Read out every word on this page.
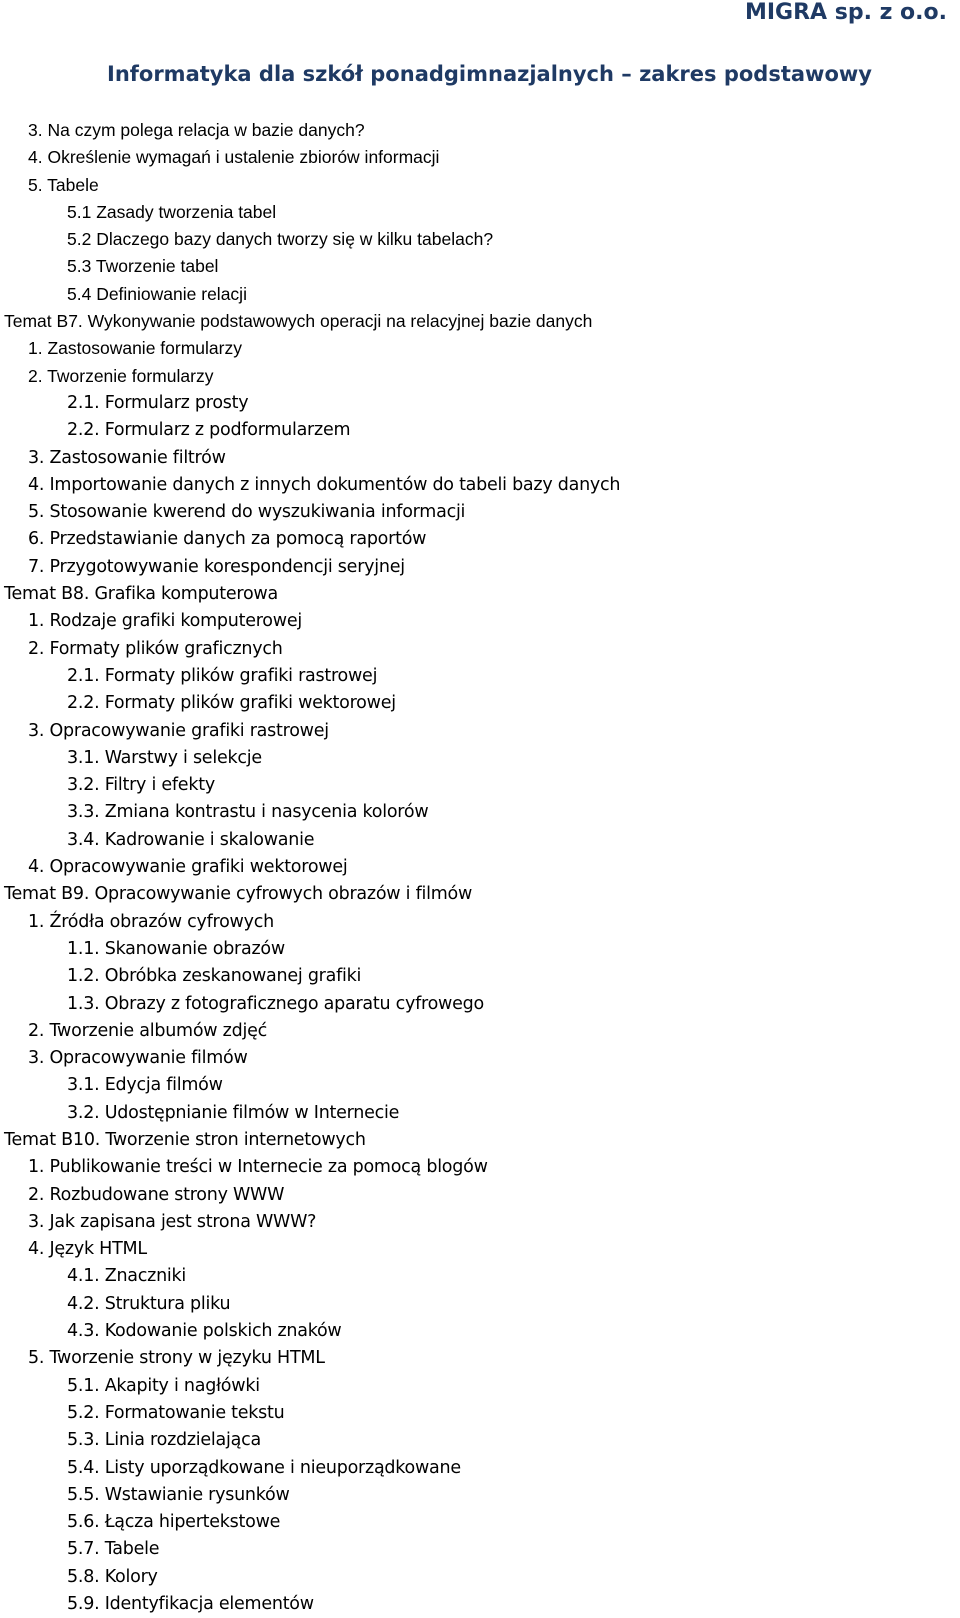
MIGRA sp. z o.o.
Informatyka dla szkół ponadgimnazjalnych – zakres podstawowy
3. Na czym polega relacja w bazie danych?
4. Określenie wymagań i ustalenie zbiorów informacji
5. Tabele
5.1 Zasady tworzenia tabel
5.2 Dlaczego bazy danych tworzy się w kilku tabelach?
5.3 Tworzenie tabel
5.4 Definiowanie relacji
Temat B7. Wykonywanie podstawowych operacji na relacyjnej bazie danych
1. Zastosowanie formularzy
2. Tworzenie formularzy
2.1. Formularz prosty
2.2. Formularz z podformularzem
3. Zastosowanie filtrów
4. Importowanie danych z innych dokumentów do tabeli bazy danych
5. Stosowanie kwerend do wyszukiwania informacji
6. Przedstawianie danych za pomocą raportów
7. Przygotowywanie korespondencji seryjnej
Temat B8. Grafika komputerowa
1. Rodzaje grafiki komputerowej
2. Formaty plików graficznych
2.1. Formaty plików grafiki rastrowej
2.2. Formaty plików grafiki wektorowej
3. Opracowywanie grafiki rastrowej
3.1. Warstwy i selekcje
3.2. Filtry i efekty
3.3. Zmiana kontrastu i nasycenia kolorów
3.4. Kadrowanie i skalowanie
4. Opracowywanie grafiki wektorowej
Temat B9. Opracowywanie cyfrowych obrazów i filmów
1. Źródła obrazów cyfrowych
1.1. Skanowanie obrazów
1.2. Obróbka zeskanowanej grafiki
1.3. Obrazy z fotograficznego aparatu cyfrowego
2. Tworzenie albumów zdjęć
3. Opracowywanie filmów
3.1. Edycja filmów
3.2. Udostępnianie filmów w Internecie
Temat B10. Tworzenie stron internetowych
1. Publikowanie treści w Internecie za pomocą blogów
2. Rozbudowane strony WWW
3. Jak zapisana jest strona WWW?
4. Język HTML
4.1. Znaczniki
4.2. Struktura pliku
4.3. Kodowanie polskich znaków
5. Tworzenie strony w języku HTML
5.1. Akapity i nagłówki
5.2. Formatowanie tekstu
5.3. Linia rozdzielająca
5.4. Listy uporządkowane i nieuporządkowane
5.5. Wstawianie rysunków
5.6. Łącza hipertekstowe
5.7. Tabele
5.8. Kolory
5.9. Identyfikacja elementów
